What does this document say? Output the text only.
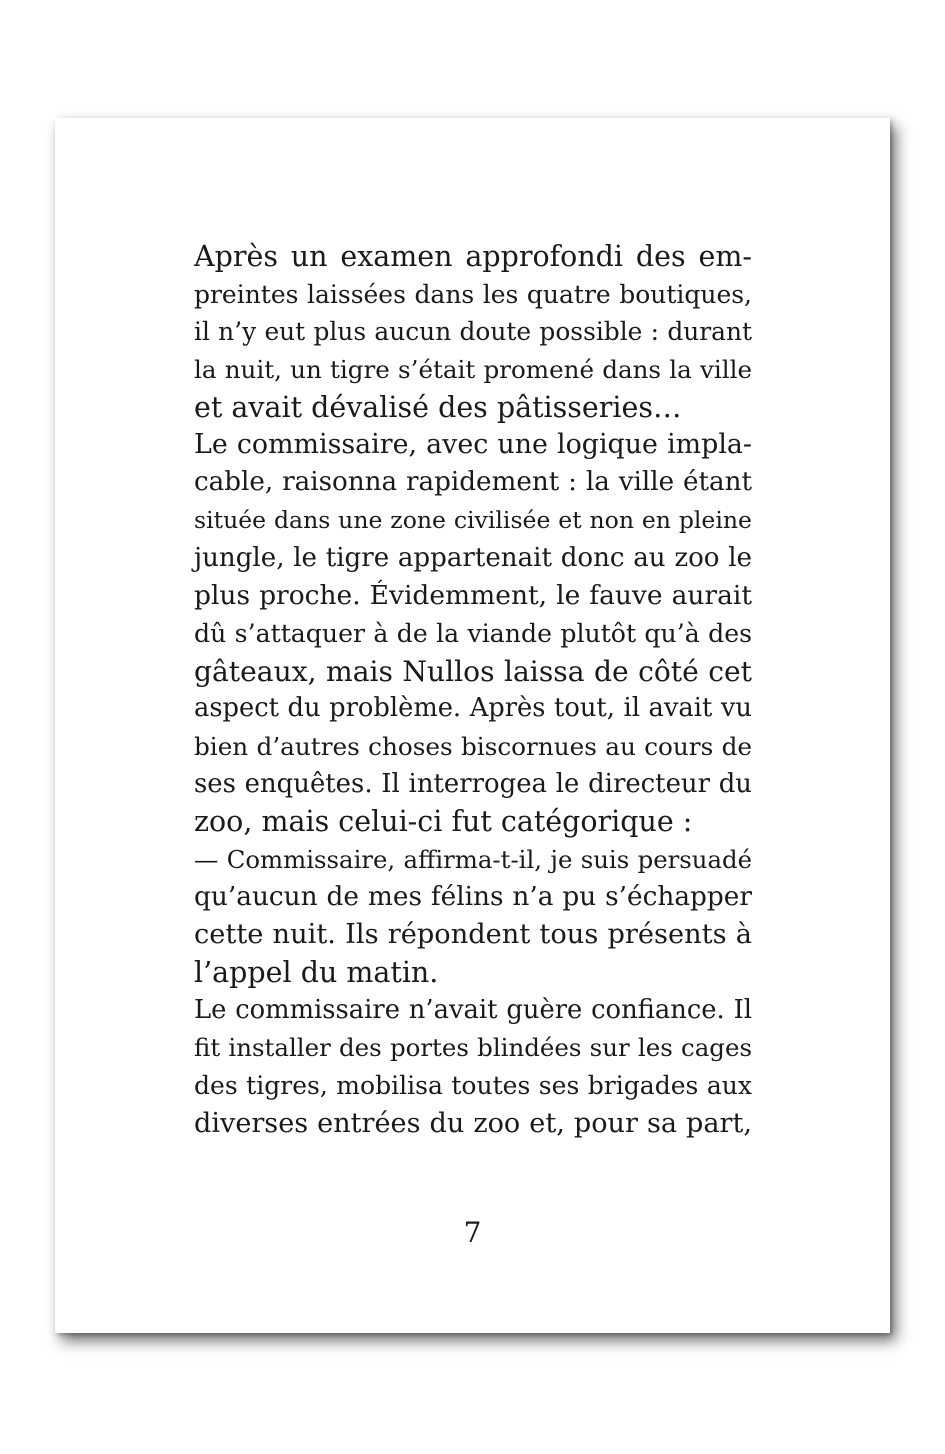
Après un examen approfondi des em-
preintes laissées dans les quatre boutiques,
il n’y eut plus aucun doute possible : durant
la nuit, un tigre s’était promené dans la ville
et avait dévalisé des pâtisseries…
Le commissaire, avec une logique impla-
cable, raisonna rapidement : la ville étant
située dans une zone civilisée et non en pleine
jungle, le tigre appartenait donc au zoo le
plus proche. Évidemment, le fauve aurait
dû s’attaquer à de la viande plutôt qu’à des
gâteaux, mais Nullos laissa de côté cet
aspect du problème. Après tout, il avait vu
bien d’autres choses biscornues au cours de
ses enquêtes. Il interrogea le directeur du
zoo, mais celui-ci fut catégorique :
— Commissaire, affirma-t-il, je suis persuadé
qu’aucun de mes félins n’a pu s’échapper
cette nuit. Ils répondent tous présents à
l’appel du matin.
Le commissaire n’avait guère confiance. Il
fit installer des portes blindées sur les cages
des tigres, mobilisa toutes ses brigades aux
diverses entrées du zoo et, pour sa part,
7
